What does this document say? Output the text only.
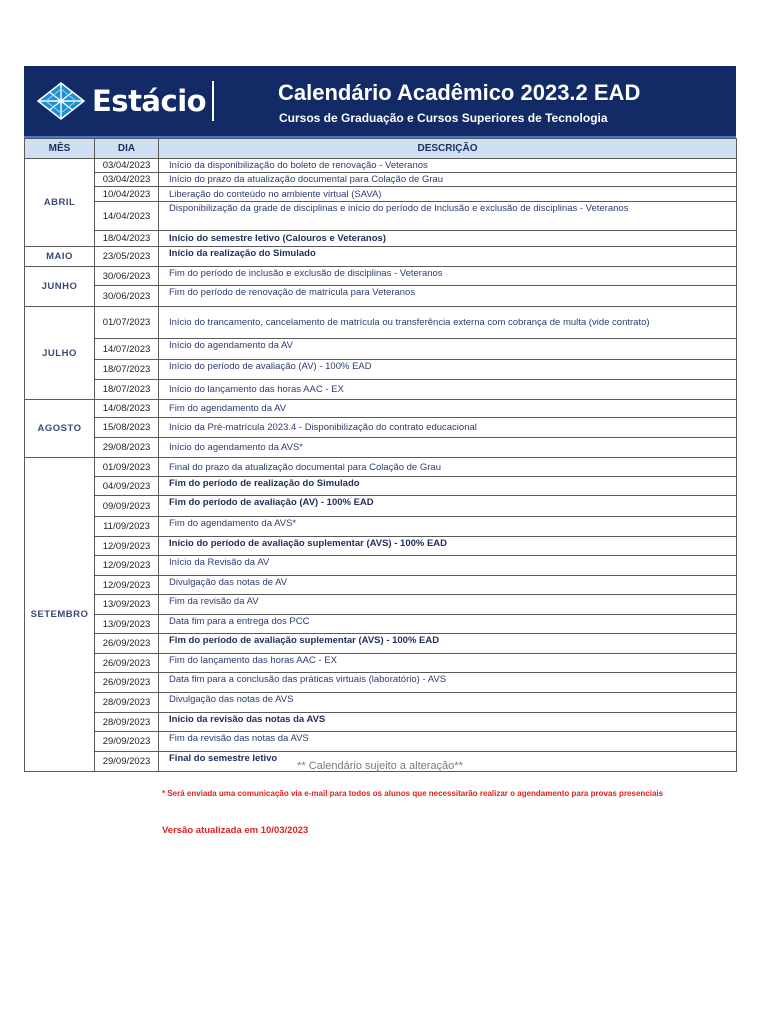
Estácio	Calendário Acadêmico 2023.2 EAD
Cursos de Graduação e Cursos Superiores de Tecnologia
MÊS	DIA	DESCRIÇÃO
ABRIL	03/04/2023	Início da disponibilização do boleto de renovação - Veteranos
	03/04/2023	Início do prazo da atualização documental para Colação de Grau
	10/04/2023	Liberação do conteúdo no ambiente virtual (SAVA)
	14/04/2023	Disponibilização da grade de disciplinas e início do período de Inclusão e exclusão de disciplinas - Veteranos
	18/04/2023	Início do semestre letivo (Calouros e Veteranos)
MAIO	23/05/2023	Início da realização do Simulado
JUNHO	30/06/2023	Fim do período de inclusão e exclusão de disciplinas - Veteranos
	30/06/2023	Fim do período de renovação de matrícula para Veteranos
JULHO	01/07/2023	Início do trancamento, cancelamento de matrícula ou transferência externa com cobrança de multa (vide contrato)
	14/07/2023	Início do agendamento da AV
	18/07/2023	Início do período de avaliação (AV) - 100% EAD
	18/07/2023	Início do lançamento das horas AAC - EX
AGOSTO	14/08/2023	Fim do agendamento da AV
	15/08/2023	Início da Pré-matrícula 2023.4 - Disponibilização do contrato educacional
	29/08/2023	Início do agendamento da AVS*
SETEMBRO	01/09/2023	Final do prazo da atualização documental para Colação de Grau
	04/09/2023	Fim do período de realização do Simulado
	09/09/2023	Fim do período de avaliação (AV) - 100% EAD
	11/09/2023	Fim do agendamento da AVS*
	12/09/2023	Início do período de avaliação suplementar (AVS) - 100% EAD
	12/09/2023	Início da Revisão da AV
	12/09/2023	Divulgação das notas de AV
	13/09/2023	Fim da revisão da AV
	13/09/2023	Data fim para a entrega dos PCC
	26/09/2023	Fim do período de avaliação suplementar (AVS) - 100% EAD
	26/09/2023	Fim do lançamento das horas AAC - EX
	26/09/2023	Data fim para a conclusão das práticas virtuais (laboratório) - AVS
	28/09/2023	Divulgação das notas de AVS
	28/09/2023	Início da revisão das notas da AVS
	29/09/2023	Fim da revisão das notas da AVS
	29/09/2023	Final do semestre letivo
** Calendário sujeito a alteração**
* Será enviada uma comunicação via e-mail para todos os alunos que necessitarão realizar o agendamento para provas presenciais
Versão atualizada em 10/03/2023
